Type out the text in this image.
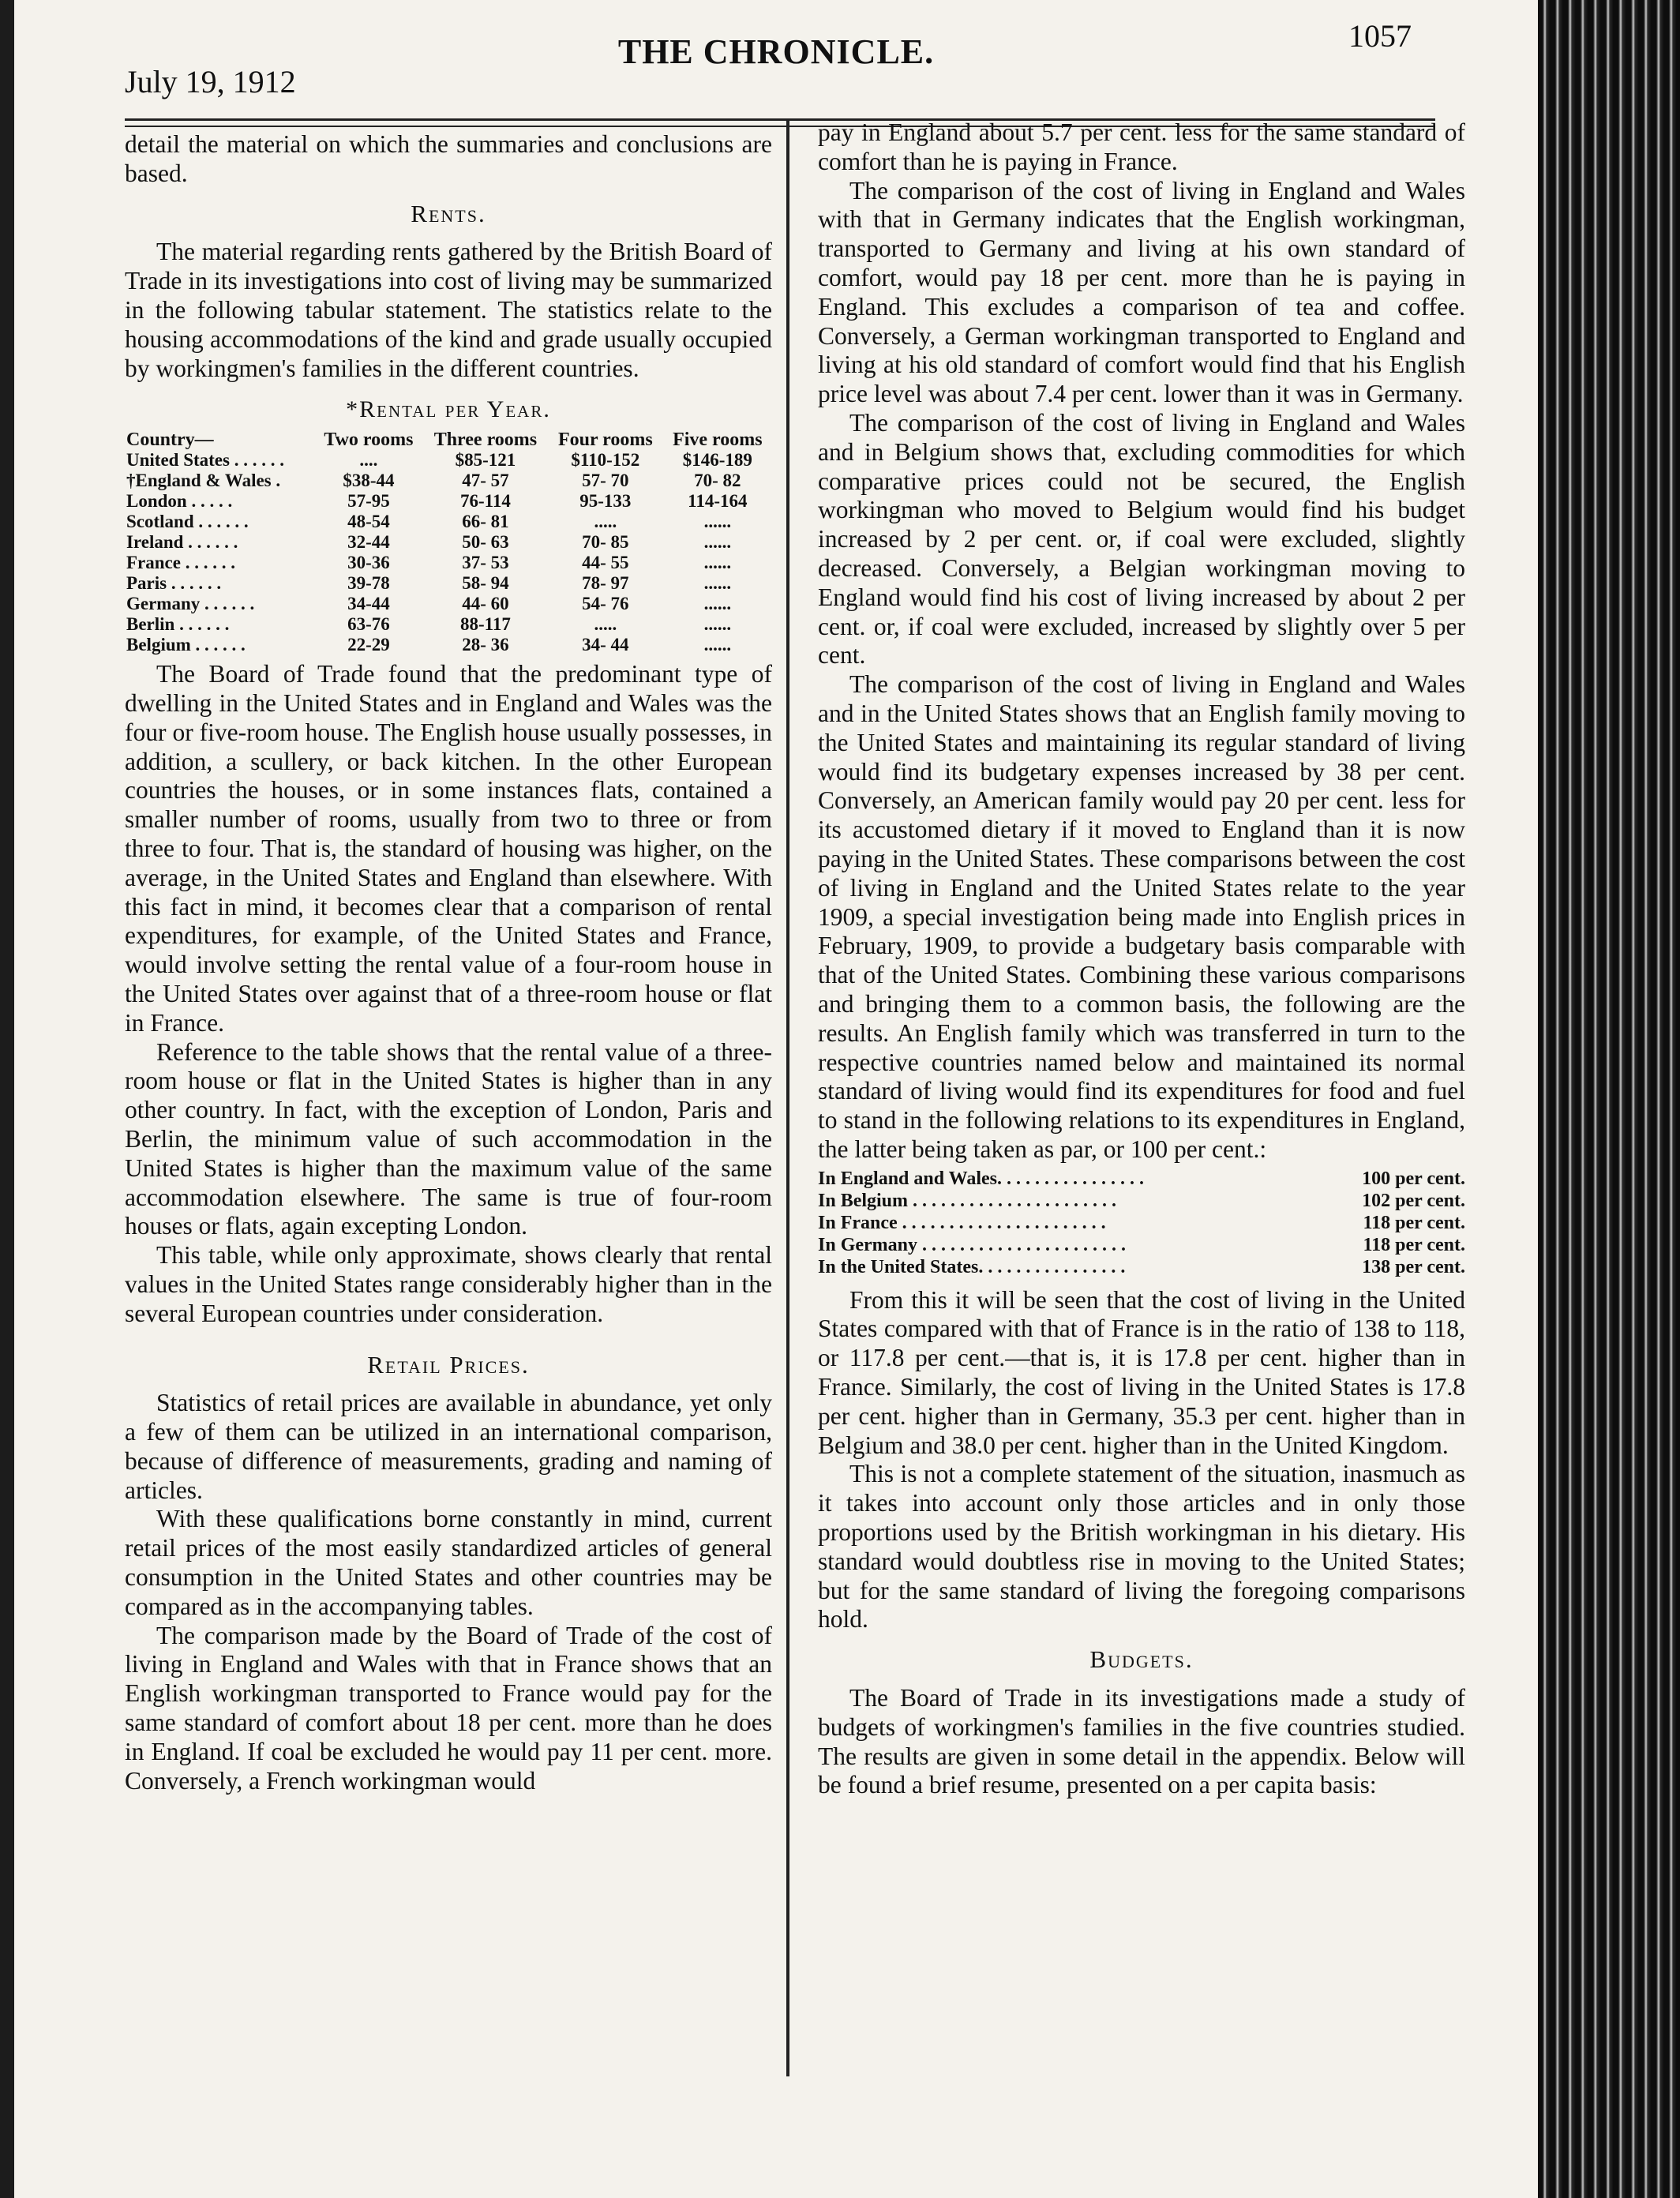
July 19, 1912
THE CHRONICLE.	1057

detail the material on which the summaries and conclusions are based.

Rents.

The material regarding rents gathered by the British Board of Trade in its investigations into cost of living may be summarized in the following tabular statement. The statistics relate to the housing accommodations of the kind and grade usually occupied by workingmen's families in the different countries.

*Rental per Year.
Country—	Two rooms	Three rooms	Four rooms	Five rooms
United States . . . . . .	....	$85-121	$110-152	$146-189
†England & Wales .	$38-44	47- 57	57- 70	70- 82
London . . . . .	57-95	76-114	95-133	114-164
Scotland . . . . . .	48-54	66- 81	.....	......
Ireland . . . . . .	32-44	50- 63	70- 85	......
France . . . . . .	30-36	37- 53	44- 55	......
Paris . . . . . .	39-78	58- 94	78- 97	......
Germany . . . . . .	34-44	44- 60	54- 76	......
Berlin . . . . . .	63-76	88-117	.....	......
Belgium . . . . . .	22-29	28- 36	34- 44	......

The Board of Trade found that the predominant type of dwelling in the United States and in England and Wales was the four or five-room house. The English house usually possesses, in addition, a scullery, or back kitchen. In the other European countries the houses, or in some instances flats, contained a smaller number of rooms, usually from two to three or from three to four. That is, the standard of housing was higher, on the average, in the United States and England than elsewhere. With this fact in mind, it becomes clear that a comparison of rental expenditures, for example, of the United States and France, would involve setting the rental value of a four-room house in the United States over against that of a three-room house or flat in France.

Reference to the table shows that the rental value of a three-room house or flat in the United States is higher than in any other country. In fact, with the exception of London, Paris and Berlin, the minimum value of such accommodation in the United States is higher than the maximum value of the same accommodation elsewhere. The same is true of four-room houses or flats, again excepting London.

This table, while only approximate, shows clearly that rental values in the United States range considerably higher than in the several European countries under consideration.

Retail Prices.

Statistics of retail prices are available in abundance, yet only a few of them can be utilized in an international comparison, because of difference of measurements, grading and naming of articles.

With these qualifications borne constantly in mind, current retail prices of the most easily standardized articles of general consumption in the United States and other countries may be compared as in the accompanying tables.

The comparison made by the Board of Trade of the cost of living in England and Wales with that in France shows that an English workingman transported to France would pay for the same standard of comfort about 18 per cent. more than he does in England. If coal be excluded he would pay 11 per cent. more. Conversely, a French workingman would

pay in England about 5.7 per cent. less for the same standard of comfort than he is paying in France.

The comparison of the cost of living in England and Wales with that in Germany indicates that the English workingman, transported to Germany and living at his own standard of comfort, would pay 18 per cent. more than he is paying in England. This excludes a comparison of tea and coffee. Conversely, a German workingman transported to England and living at his old standard of comfort would find that his English price level was about 7.4 per cent. lower than it was in Germany.

The comparison of the cost of living in England and Wales and in Belgium shows that, excluding commodities for which comparative prices could not be secured, the English workingman who moved to Belgium would find his budget increased by 2 per cent. or, if coal were excluded, slightly decreased. Conversely, a Belgian workingman moving to England would find his cost of living increased by about 2 per cent. or, if coal were excluded, increased by slightly over 5 per cent.

The comparison of the cost of living in England and Wales and in the United States shows that an English family moving to the United States and maintaining its regular standard of living would find its budgetary expenses increased by 38 per cent. Conversely, an American family would pay 20 per cent. less for its accustomed dietary if it moved to England than it is now paying in the United States. These comparisons between the cost of living in England and the United States relate to the year 1909, a special investigation being made into English prices in February, 1909, to provide a budgetary basis comparable with that of the United States. Combining these various comparisons and bringing them to a common basis, the following are the results. An English family which was transferred in turn to the respective countries named below and maintained its normal standard of living would find its expenditures for food and fuel to stand in the following relations to its expenditures in England, the latter being taken as par, or 100 per cent.:

In England and Wales. . . . . . . . . . . . . . . .	100 per cent.
In Belgium . . . . . . . . . . . . . . . . . . . . . .	102 per cent.
In France . . . . . . . . . . . . . . . . . . . . . .	118 per cent.
In Germany . . . . . . . . . . . . . . . . . . . . . .	118 per cent.
In the United States. . . . . . . . . . . . . . . .	138 per cent.

From this it will be seen that the cost of living in the United States compared with that of France is in the ratio of 138 to 118, or 117.8 per cent.—that is, it is 17.8 per cent. higher than in France. Similarly, the cost of living in the United States is 17.8 per cent. higher than in Germany, 35.3 per cent. higher than in Belgium and 38.0 per cent. higher than in the United Kingdom.

This is not a complete statement of the situation, inasmuch as it takes into account only those articles and in only those proportions used by the British workingman in his dietary. His standard would doubtless rise in moving to the United States; but for the same standard of living the foregoing comparisons hold.

Budgets.

The Board of Trade in its investigations made a study of budgets of workingmen's families in the five countries studied. The results are given in some detail in the appendix. Below will be found a brief resume, presented on a per capita basis:
